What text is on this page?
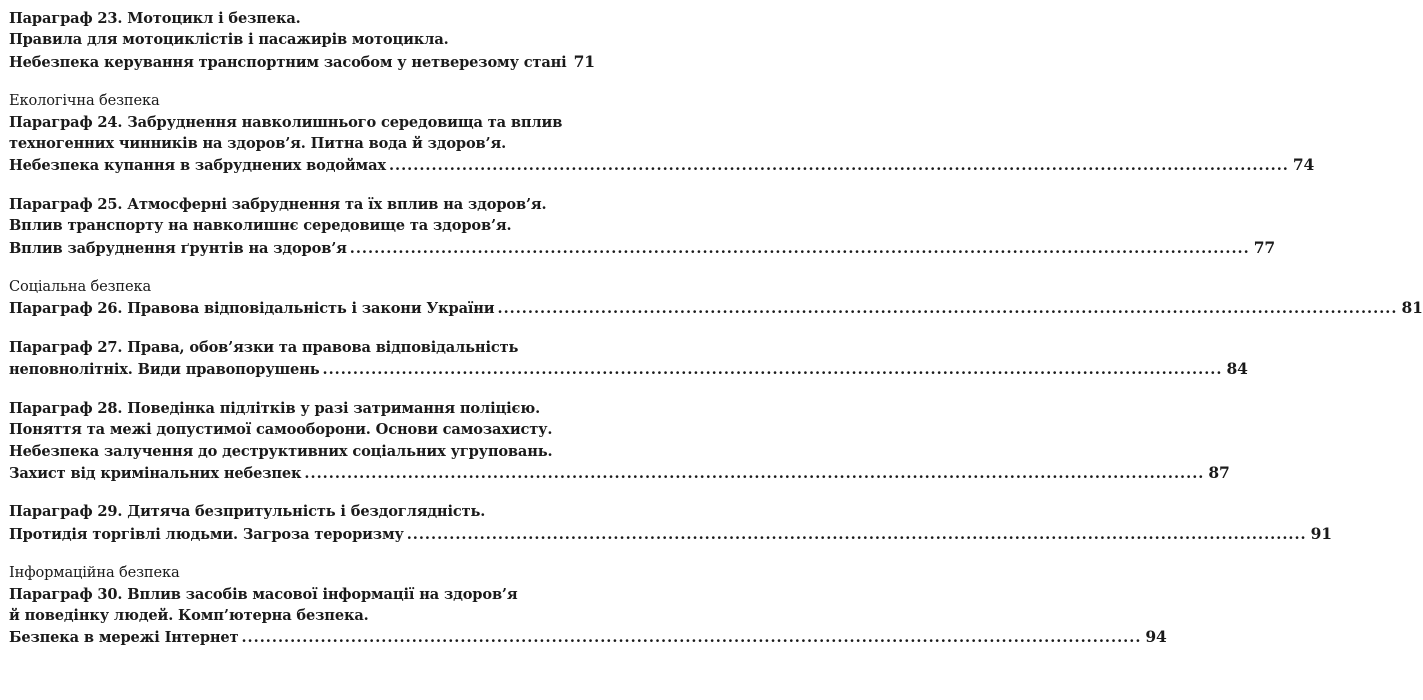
Параграф 23. Мотоцикл і безпека.
Правила для мотоциклістів і пасажирів мотоцикла.
Небезпека керування транспортним засобом у нетверезому стані 71
Екологічна безпека
Параграф 24. Забруднення навколишнього середовища та вплив
техногенних чинників на здоров’я. Питна вода й здоров’я.
Небезпека купання в забруднених водоймах .................................................................................................................................................... 74
Параграф 25. Атмосферні забруднення та їх вплив на здоров’я.
Вплив транспорту на навколишнє середовище та здоров’я.
Вплив забруднення ґрунтів на здоров’я .................................................................................................................................................... 77
Соціальна безпека
Параграф 26. Правова відповідальність і закони України .................................................................................................................................................... 81
Параграф 27. Права, обов’язки та правова відповідальність
неповнолітніх. Види правопорушень .................................................................................................................................................... 84
Параграф 28. Поведінка підлітків у разі затримання поліцією.
Поняття та межі допустимої самооборони. Основи самозахисту.
Небезпека залучення до деструктивних соціальних угруповань.
Захист від кримінальних небезпек .................................................................................................................................................... 87
Параграф 29. Дитяча безпритульність і бездоглядність.
Протидія торгівлі людьми. Загроза тероризму .................................................................................................................................................... 91
Інформаційна безпека
Параграф 30. Вплив засобів масової інформації на здоров’я
й поведінку людей. Комп’ютерна безпека.
Безпека в мережі Інтернет .................................................................................................................................................... 94
